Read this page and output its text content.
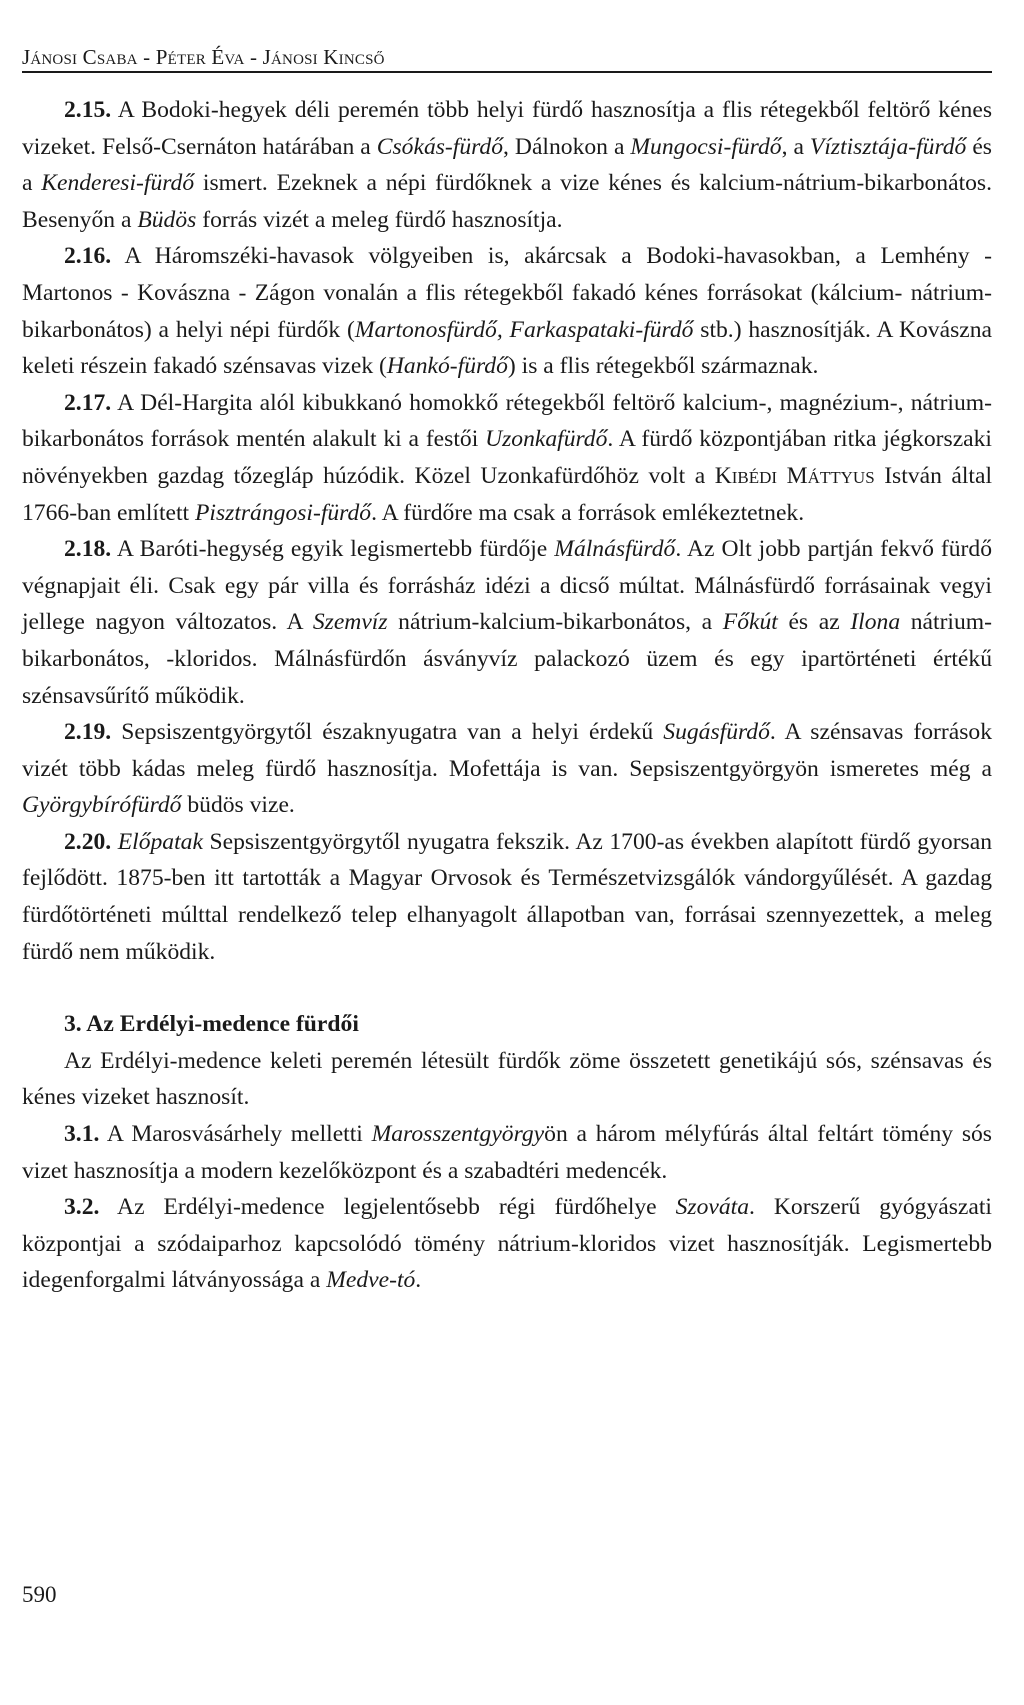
Jánosi Csaba - Péter Éva - Jánosi Kincső

2.15. A Bodoki-hegyek déli peremén több helyi fürdő hasznosítja a flis rétegekből feltörő kénes vizeket. Felső-Csernáton határában a Csókás-fürdő, Dálnokon a Mungocsi-fürdő, a Víztisztája-fürdő és a Kenderesi-fürdő ismert. Ezeknek a népi fürdőknek a vize kénes és kalcium-nátrium-bikarbonátos. Besenyőn a Büdös forrás vizét a meleg fürdő hasznosítja.

2.16. A Háromszéki-havasok völgyeiben is, akárcsak a Bodoki-havasokban, a Lemhény - Martonos - Kovászna - Zágon vonalán a flis rétegekből fakadó kénes forrásokat (kálcium- nátrium-bikarbonátos) a helyi népi fürdők (Martonosfürdő, Farkaspataki-fürdő stb.) hasznosítják. A Kovászna keleti részein fakadó szénsavas vizek (Hankó-fürdő) is a flis rétegekből származnak.

2.17. A Dél-Hargita alól kibukkanó homokkő rétegekből feltörő kalcium-, magnézium-, nátrium-bikarbonátos források mentén alakult ki a festői Uzonkafürdő. A fürdő központjában ritka jégkorszaki növényekben gazdag tőzegláp húzódik. Közel Uzonkafürdőhöz volt a Kibédi Máttyus István által 1766-ban említett Pisztrángosi-fürdő. A fürdőre ma csak a források emlékeztetnek.

2.18. A Baróti-hegység egyik legismertebb fürdője Málnásfürdő. Az Olt jobb partján fekvő fürdő végnapjait éli. Csak egy pár villa és forrásház idézi a dicső múltat. Málnásfürdő forrásainak vegyi jellege nagyon változatos. A Szemvíz nátrium-kalcium-bikarbonátos, a Főkút és az Ilona nátrium-bikarbonátos, -kloridos. Málnásfürdőn ásványvíz palackozó üzem és egy ipartörténeti értékű szénsavsűrítő működik.

2.19. Sepsiszentgyörgytől északnyugatra van a helyi érdekű Sugásfürdő. A szénsavas források vizét több kádas meleg fürdő hasznosítja. Mofettája is van. Sepsiszentgyörgyön ismeretes még a Györgybírófürdő büdös vize.

2.20. Előpatak Sepsiszentgyörgytől nyugatra fekszik. Az 1700-as években alapított fürdő gyorsan fejlődött. 1875-ben itt tartották a Magyar Orvosok és Természetvizsgálók vándorgyűlését. A gazdag fürdőtörténeti múlttal rendelkező telep elhanyagolt állapotban van, forrásai szennyezettek, a meleg fürdő nem működik.

3. Az Erdélyi-medence fürdői

Az Erdélyi-medence keleti peremén létesült fürdők zöme összetett genetikájú sós, szénsavas és kénes vizeket hasznosít.

3.1. A Marosvásárhely melletti Marosszentgyörgyön a három mélyfúrás által feltárt tömény sós vizet hasznosítja a modern kezelőközpont és a szabadtéri medencék.

3.2. Az Erdélyi-medence legjelentősebb régi fürdőhelye Szováta. Korszerű gyógyászati központjai a szódaiparhoz kapcsolódó tömény nátrium-kloridos vizet hasznosítják. Legismertebb idegenforgalmi látványossága a Medve-tó.

590
